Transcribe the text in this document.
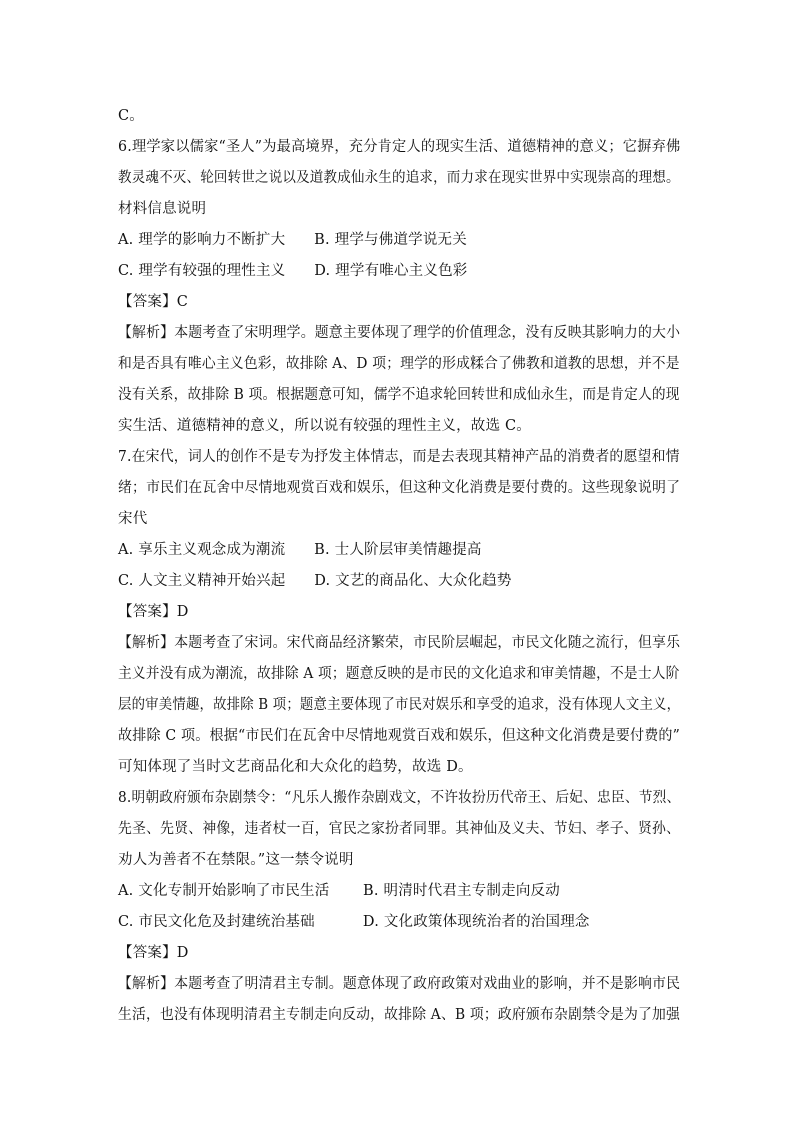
C。
6.理学家以儒家“圣人”为最高境界，充分肯定人的现实生活、道德精神的意义；它摒弃佛
教灵魂不灭、轮回转世之说以及道教成仙永生的追求，而力求在现实世界中实现崇高的理想。
材料信息说明
A. 理学的影响力不断扩大      B. 理学与佛道学说无关
C. 理学有较强的理性主义      D. 理学有唯心主义色彩
【答案】C
【解析】本题考查了宋明理学。题意主要体现了理学的价值理念，没有反映其影响力的大小
和是否具有唯心主义色彩，故排除 A、D 项；理学的形成糅合了佛教和道教的思想，并不是
没有关系，故排除 B 项。根据题意可知，儒学不追求轮回转世和成仙永生，而是肯定人的现
实生活、道德精神的意义，所以说有较强的理性主义，故选 C。
7.在宋代，词人的创作不是专为抒发主体情志，而是去表现其精神产品的消费者的愿望和情
绪；市民们在瓦舍中尽情地观赏百戏和娱乐，但这种文化消费是要付费的。这些现象说明了
宋代
A. 享乐主义观念成为潮流      B. 士人阶层审美情趣提高
C. 人文主义精神开始兴起      D. 文艺的商品化、大众化趋势
【答案】D
【解析】本题考查了宋词。宋代商品经济繁荣，市民阶层崛起，市民文化随之流行，但享乐
主义并没有成为潮流，故排除 A 项；题意反映的是市民的文化追求和审美情趣，不是士人阶
层的审美情趣，故排除 B 项；题意主要体现了市民对娱乐和享受的追求，没有体现人文主义，
故排除 C 项。根据“市民们在瓦舍中尽情地观赏百戏和娱乐，但这种文化消费是要付费的”
可知体现了当时文艺商品化和大众化的趋势，故选 D。
8.明朝政府颁布杂剧禁令：“凡乐人搬作杂剧戏文，不许妆扮历代帝王、后妃、忠臣、节烈、
先圣、先贤、神像，违者杖一百，官民之家扮者同罪。其神仙及义夫、节妇、孝子、贤孙、
劝人为善者不在禁限。”这一禁令说明
A. 文化专制开始影响了市民生活       B. 明清时代君主专制走向反动
C. 市民文化危及封建统治基础          D. 文化政策体现统治者的治国理念
【答案】D
【解析】本题考查了明清君主专制。题意体现了政府政策对戏曲业的影响，并不是影响市民
生活，也没有体现明清君主专制走向反动，故排除 A、B 项；政府颁布杂剧禁令是为了加强
